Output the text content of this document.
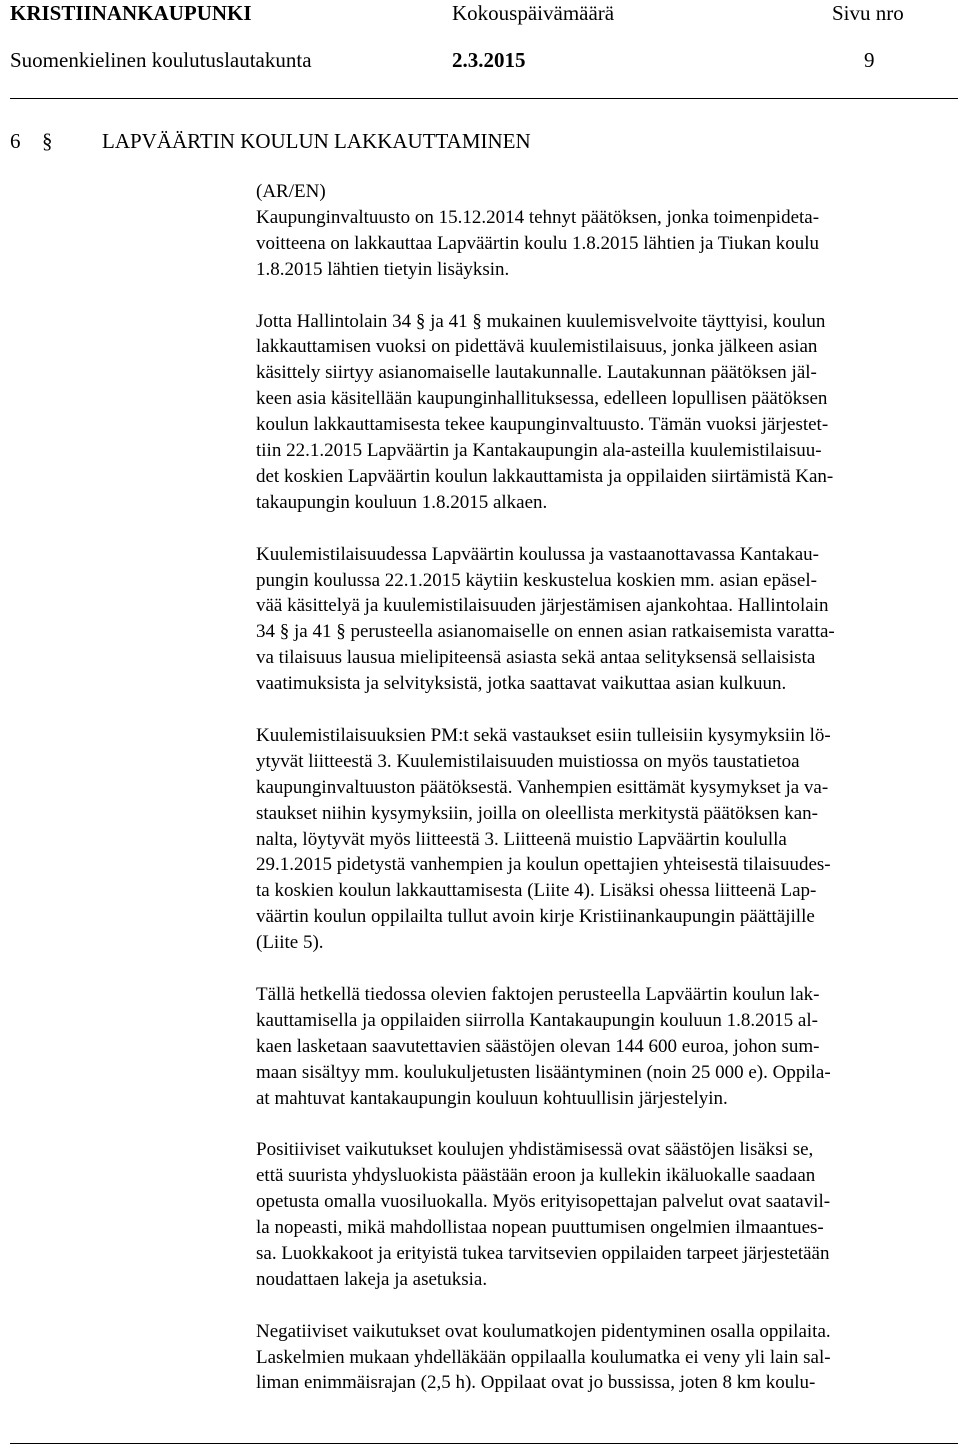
KRISTIINANKAUPUNKI	Kokouspäivämäärä	Sivu nro
Suomenkielinen koulutuslautakunta	2.3.2015	9
6 § LAPVÄÄRTIN KOULUN LAKKAUTTAMINEN
(AR/EN)
Kaupunginvaltuusto on 15.12.2014 tehnyt päätöksen, jonka toimenpideta-
voitteena on lakkauttaa Lapväärtin koulu 1.8.2015 lähtien ja Tiukan koulu
1.8.2015 lähtien tietyin lisäyksin.
Jotta Hallintolain 34 § ja 41 § mukainen kuulemisvelvoite täyttyisi, koulun
lakkauttamisen vuoksi on pidettävä kuulemistilaisuus, jonka jälkeen asian
käsittely siirtyy asianomaiselle lautakunnalle. Lautakunnan päätöksen jäl-
keen asia käsitellään kaupunginhallituksessa, edelleen lopullisen päätöksen
koulun lakkauttamisesta tekee kaupunginvaltuusto. Tämän vuoksi järjestet-
tiin 22.1.2015 Lapväärtin ja Kantakaupungin ala-asteilla kuulemistilaisuu-
det koskien Lapväärtin koulun lakkauttamista ja oppilaiden siirtämistä Kan-
takaupungin kouluun 1.8.2015 alkaen.
Kuulemistilaisuudessa Lapväärtin koulussa ja vastaanottavassa Kantakau-
pungin koulussa 22.1.2015 käytiin keskustelua koskien mm. asian epäsel-
vää käsittelyä ja kuulemistilaisuuden järjestämisen ajankohtaa. Hallintolain
34 § ja 41 § perusteella asianomaiselle on ennen asian ratkaisemista varatta-
va tilaisuus lausua mielipiteensä asiasta sekä antaa selityksensä sellaisista
vaatimuksista ja selvityksistä, jotka saattavat vaikuttaa asian kulkuun.
Kuulemistilaisuuksien PM:t sekä vastaukset esiin tulleisiin kysymyksiin lö-
ytyvät liitteestä 3. Kuulemistilaisuuden muistiossa on myös taustatietoa
kaupunginvaltuuston päätöksestä. Vanhempien esittämät kysymykset ja va-
staukset niihin kysymyksiin, joilla on oleellista merkitystä päätöksen kan-
nalta, löytyvät myös liitteestä 3. Liitteenä muistio Lapväärtin koululla
29.1.2015 pidetystä vanhempien ja koulun opettajien yhteisestä tilaisuudes-
ta koskien koulun lakkauttamisesta (Liite 4). Lisäksi ohessa liitteenä Lap-
väärtin koulun oppilailta tullut avoin kirje Kristiinankaupungin päättäjille
(Liite 5).
Tällä hetkellä tiedossa olevien faktojen perusteella Lapväärtin koulun lak-
kauttamisella ja oppilaiden siirrolla Kantakaupungin kouluun 1.8.2015 al-
kaen lasketaan saavutettavien säästöjen olevan 144 600 euroa, johon sum-
maan sisältyy mm. koulukuljetusten lisääntyminen (noin 25 000 e). Oppila-
at mahtuvat kantakaupungin kouluun kohtuullisin järjestelyin.
Positiiviset vaikutukset koulujen yhdistämisessä ovat säästöjen lisäksi se,
että suurista yhdysluokista päästään eroon ja kullekin ikäluokalle saadaan
opetusta omalla vuosiluokalla. Myös erityisopettajan palvelut ovat saatavil-
la nopeasti, mikä mahdollistaa nopean puuttumisen ongelmien ilmaantues-
sa. Luokkakoot ja erityistä tukea tarvitsevien oppilaiden tarpeet järjestetään
noudattaen lakeja ja asetuksia.
Negatiiviset vaikutukset ovat koulumatkojen pidentyminen osalla oppilaita.
Laskelmien mukaan yhdelläkään oppilaalla koulumatka ei veny yli lain sal-
liman enimmäisrajan (2,5 h). Oppilaat ovat jo bussissa, joten 8 km koulu-
